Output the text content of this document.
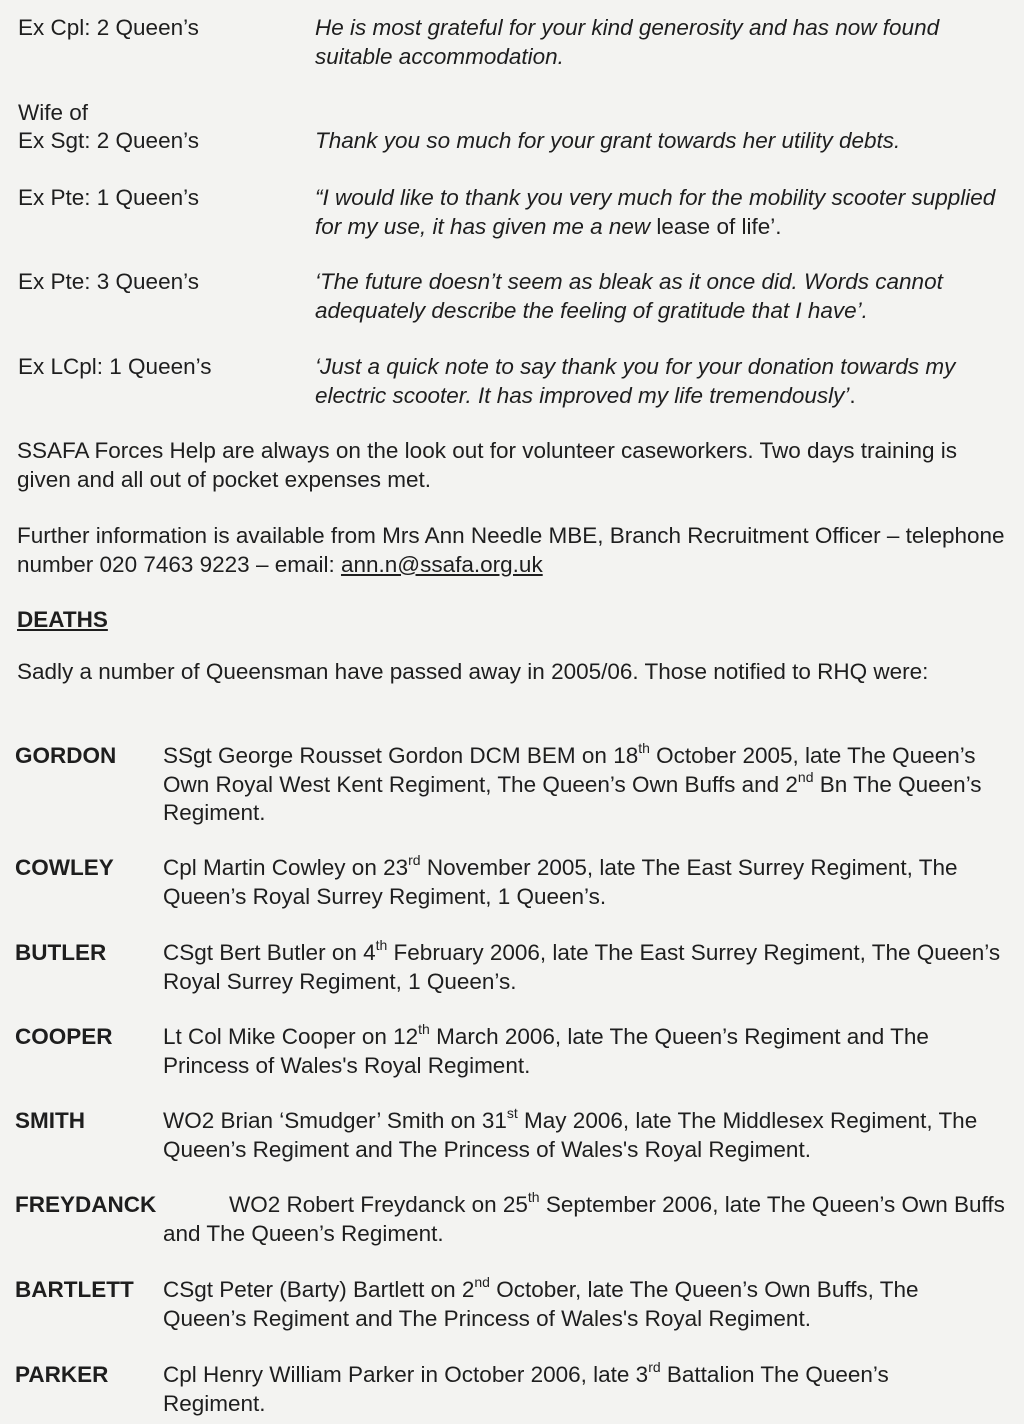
Ex Cpl: 2 Queen’s	He is most grateful for your kind generosity and has now found suitable accommodation.
Wife of
Ex Sgt: 2 Queen’s	Thank you so much for your grant towards her utility debts.
Ex Pte: 1 Queen’s	“I would like to thank you very much for the mobility scooter supplied for my use, it has given me a new lease of life’.
Ex Pte: 3 Queen’s	‘The future doesn’t seem as bleak as it once did. Words cannot adequately describe the feeling of gratitude that I have’.
Ex LCpl: 1 Queen’s	‘Just a quick note to say thank you for your donation towards my electric scooter. It has improved my life tremendously’.
SSAFA Forces Help are always on the look out for volunteer caseworkers. Two days training is given and all out of pocket expenses met.
Further information is available from Mrs Ann Needle MBE, Branch Recruitment Officer – telephone number 020 7463 9223 – email: ann.n@ssafa.org.uk
DEATHS
Sadly a number of Queensman have passed away in 2005/06. Those notified to RHQ were:
GORDON SSgt George Rousset Gordon DCM BEM on 18th October 2005, late The Queen’s Own Royal West Kent Regiment, The Queen’s Own Buffs and 2nd Bn The Queen’s Regiment.
COWLEY Cpl Martin Cowley on 23rd November 2005, late The East Surrey Regiment, The Queen’s Royal Surrey Regiment, 1 Queen’s.
BUTLER	CSgt Bert Butler on 4th February 2006, late The East Surrey Regiment, The Queen’s Royal Surrey Regiment, 1 Queen’s.
COOPER Lt Col Mike Cooper on 12th March 2006, late The Queen’s Regiment and The Princess of Wales's Royal Regiment.
SMITH	WO2 Brian ‘Smudger’ Smith on 31st May 2006, late The Middlesex Regiment, The Queen’s Regiment and The Princess of Wales's Royal Regiment.
FREYDANCK	WO2 Robert Freydanck on 25th September 2006, late The Queen’s Own Buffs and The Queen’s Regiment.
BARTLETT CSgt Peter (Barty) Bartlett on 2nd October, late The Queen’s Own Buffs, The Queen’s Regiment and The Princess of Wales's Royal Regiment.
PARKER Cpl Henry William Parker in October 2006, late 3rd Battalion The Queen’s Regiment.
